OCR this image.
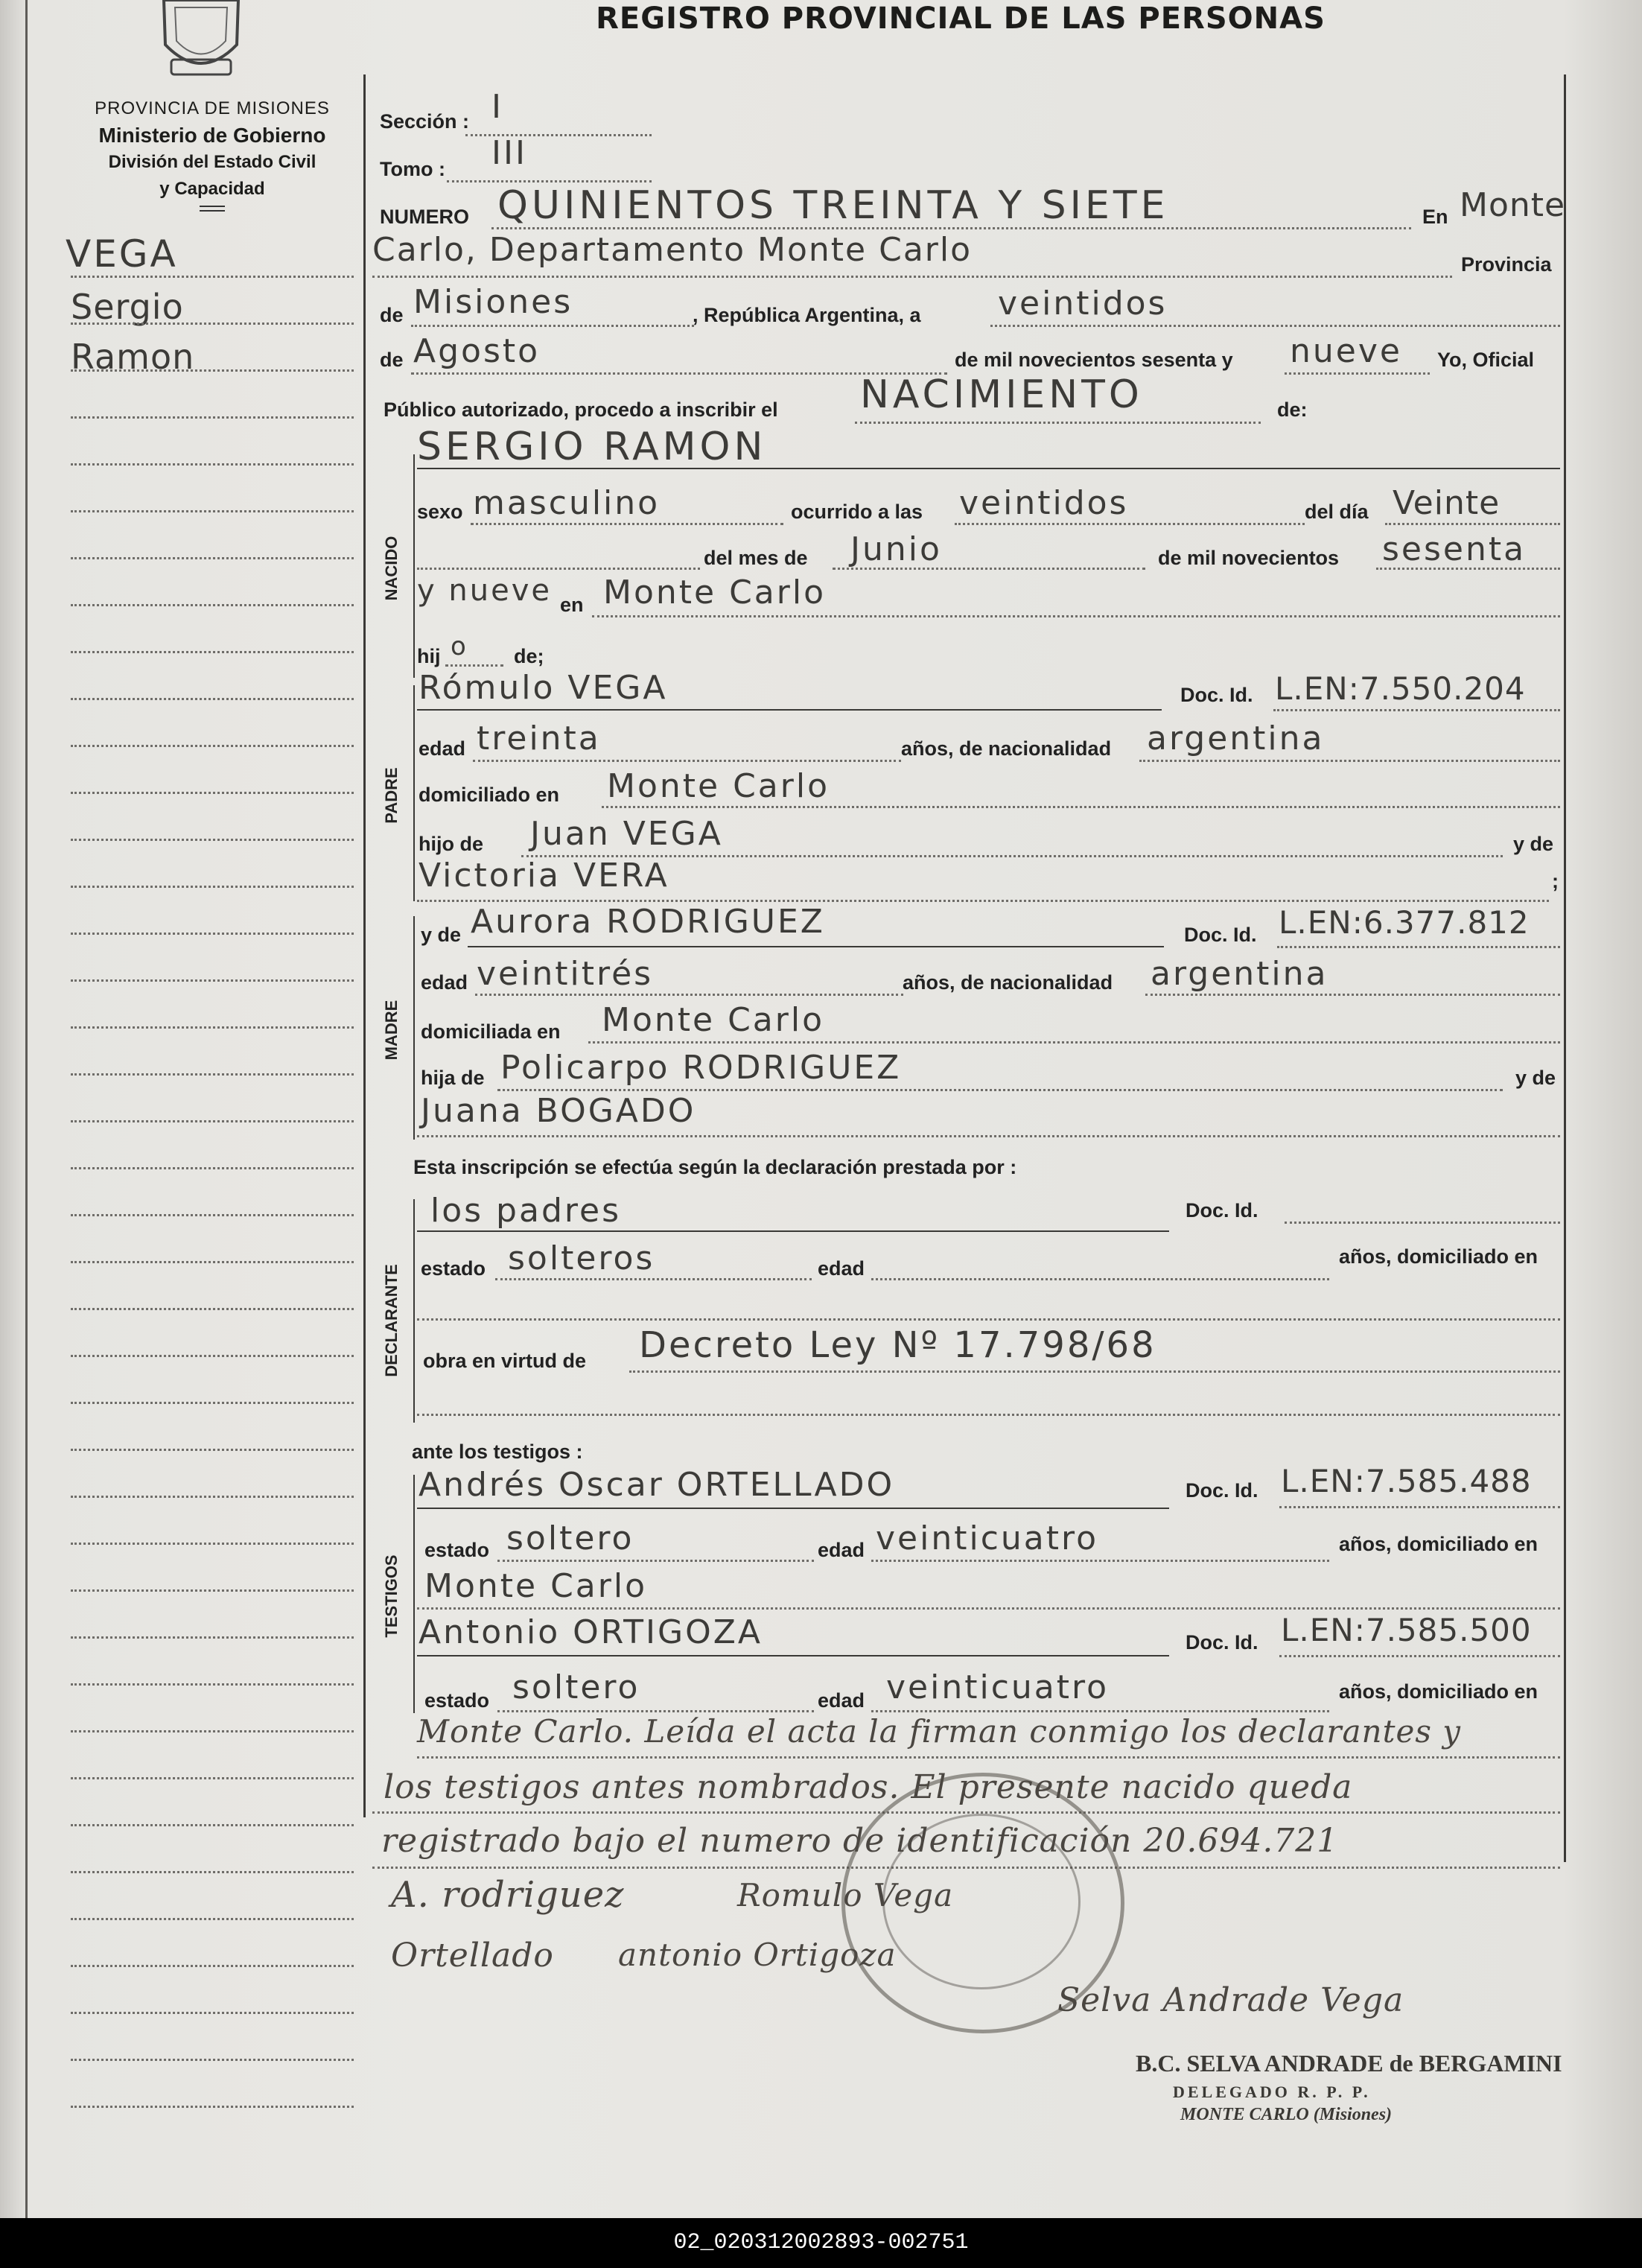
PROVINCIA DE MISIONES
Ministerio de Gobierno
División del Estado Civil
y Capacidad
VEGA
Sergio
Ramon
REGISTRO PROVINCIAL DE LAS PERSONAS
Sección : I
Tomo : III
NUMERO QUINIENTOS TREINTA Y SIETE	En Monte
Carlo, Departamento Monte Carlo	Provincia
de Misiones	, República Argentina, a veintidos
de Agosto	de mil novecientos sesenta y nueve Yo, Oficial
Público autorizado, procedo a inscribir el NACIMIENTO	de:
NACIDO
SERGIO RAMON
sexo masculino	ocurrido a las veintidos	del día Veinte
del mes de Junio	de mil novecientos sesenta
y nueve en Monte Carlo
hij o de;
PADRE
Rómulo VEGA	Doc. Id. L.EN:7.550.204
edad treinta	años, de nacionalidad argentina
domiciliado en Monte Carlo
hijo de Juan VEGA	y de
Victoria VERA	;
MADRE
y de Aurora RODRIGUEZ	Doc. Id. L.EN:6.377.812
edad veintitrés	años, de nacionalidad argentina
domiciliada en Monte Carlo
hija de Policarpo RODRIGUEZ	y de
Juana BOGADO
Esta inscripción se efectúa según la declaración prestada por :
DECLARANTE
los padres	Doc. Id.
estado solteros	edad
años, domiciliado en
obra en virtud de Decreto Ley Nº 17.798/68
ante los testigos :
TESTIGOS
Andrés Oscar ORTELLADO	Doc. Id. L.EN:7.585.488
estado soltero	edad veinticuatro	años, domiciliado en
Monte Carlo
Antonio ORTIGOZA	Doc. Id. L.EN:7.585.500
estado soltero	edad veinticuatro	años, domiciliado en
Monte Carlo. Leída el acta la firman conmigo los declarantes y
los testigos antes nombrados. El presente nacido queda
registrado bajo el numero de identificación 20.694.721
A. rodriguez	Romulo Vega
Ortellado antonio Ortigoza
Selva Andrade Vega
B.C. SELVA ANDRADE de BERGAMINI
DELEGADO R. P. P.
MONTE CARLO (Misiones)
02_020312002893-002751
